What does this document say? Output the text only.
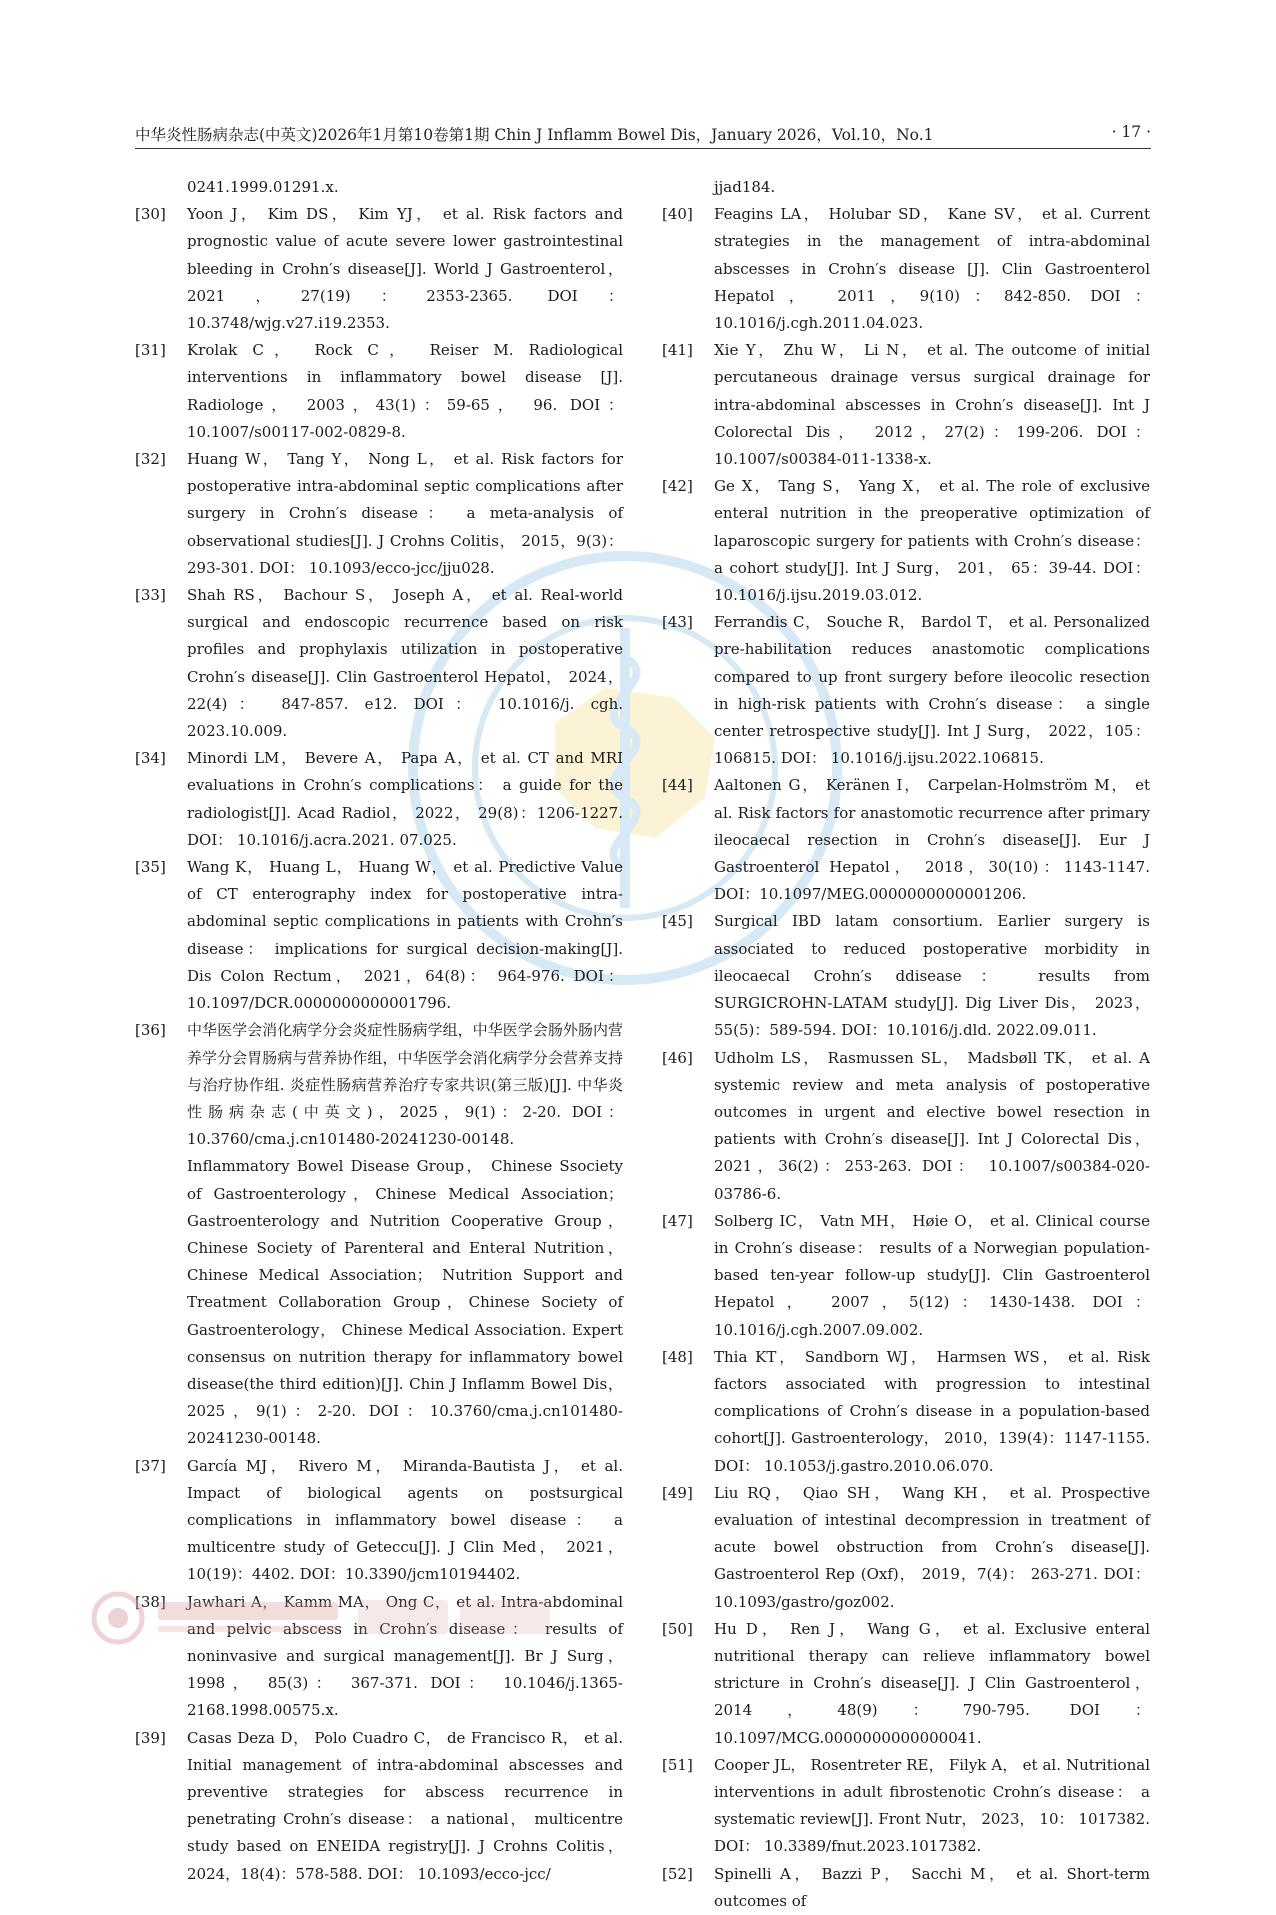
中华炎性肠病杂志(中英文)2026年1月第10卷第1期 Chin J Inflamm Bowel Dis，January 2026，Vol.10，No.1	· 17 ·
0241.1999.01291.x.
[30] Yoon J， Kim DS， Kim YJ， et al. Risk factors and prognostic value of acute severe lower gastrointestinal bleeding in Crohn′s disease[J]. World J Gastroenterol， 2021，27(19)：2353-2365. DOI： 10.3748/wjg.v27.i19.2353.
[31] Krolak C， Rock C， Reiser M. Radiological interventions in inflammatory bowel disease [J]. Radiologe， 2003，43(1)：59-65， 96. DOI： 10.1007/s00117-002-0829-8.
[32] Huang W， Tang Y， Nong L， et al. Risk factors for postoperative intra-abdominal septic complications after surgery in Crohn′s disease： a meta-analysis of observational studies[J]. J Crohns Colitis， 2015，9(3)：293-301. DOI： 10.1093/ecco-jcc/jju028.
[33] Shah RS， Bachour S， Joseph A， et al. Real-world surgical and endoscopic recurrence based on risk profiles and prophylaxis utilization in postoperative Crohn′s disease[J]. Clin Gastroenterol Hepatol， 2024， 22(4)： 847-857. e12. DOI： 10.1016/j. cgh. 2023.10.009.
[34] Minordi LM， Bevere A， Papa A， et al. CT and MRI evaluations in Crohn′s complications： a guide for the radiologist[J]. Acad Radiol， 2022， 29(8)：1206-1227. DOI： 10.1016/j.acra.2021. 07.025.
[35] Wang K， Huang L， Huang W， et al. Predictive Value of CT enterography index for postoperative intra-abdominal septic complications in patients with Crohn′s disease： implications for surgical decision-making[J]. Dis Colon Rectum， 2021，64(8)： 964-976. DOI： 10.1097/DCR.0000000000001796.
[36] 中华医学会消化病学分会炎症性肠病学组，中华医学会肠外肠内营养学分会胃肠病与营养协作组，中华医学会消化病学分会营养支持与治疗协作组. 炎症性肠病营养治疗专家共识(第三版)[J]. 中华炎性肠病杂志(中英文)，2025，9(1)：2-20. DOI：10.3760/cma.j.cn101480-20241230-00148.
Inflammatory Bowel Disease Group， Chinese Ssociety of Gastroenterology，Chinese Medical Association；Gastroenterology and Nutrition Cooperative Group，Chinese Society of Parenteral and Enteral Nutrition， Chinese Medical Association； Nutrition Support and Treatment Collaboration Group，Chinese Society of Gastroenterology， Chinese Medical Association. Expert consensus on nutrition therapy for inflammatory bowel disease(the third edition)[J]. Chin J Inflamm Bowel Dis，2025，9(1)：2-20. DOI：10.3760/cma.j.cn101480-20241230-00148.
[37] García MJ， Rivero M， Miranda-Bautista J， et al. Impact of biological agents on postsurgical complications in inflammatory bowel disease： a multicentre study of Geteccu[J]. J Clin Med， 2021，10(19)：4402. DOI：10.3390/jcm10194402.
[38] Jawhari A， Kamm MA， Ong C， et al. Intra-abdominal and pelvic abscess in Crohn′s disease： results of noninvasive and surgical management[J]. Br J Surg， 1998， 85(3)： 367-371. DOI： 10.1046/j.1365-2168.1998.00575.x.
[39] Casas Deza D， Polo Cuadro C， de Francisco R， et al. Initial management of intra-abdominal abscesses and preventive strategies for abscess recurrence in penetrating Crohn′s disease： a national， multicentre study based on ENEIDA registry[J]. J Crohns Colitis， 2024，18(4)：578-588. DOI： 10.1093/ecco-jcc/
jjad184.
[40] Feagins LA， Holubar SD， Kane SV， et al. Current strategies in the management of intra-abdominal abscesses in Crohn′s disease [J]. Clin Gastroenterol Hepatol， 2011，9(10)：842-850. DOI： 10.1016/j.cgh.2011.04.023.
[41] Xie Y， Zhu W， Li N， et al. The outcome of initial percutaneous drainage versus surgical drainage for intra-abdominal abscesses in Crohn′s disease[J]. Int J Colorectal Dis， 2012，27(2)：199-206. DOI： 10.1007/s00384-011-1338-x.
[42] Ge X， Tang S， Yang X， et al. The role of exclusive enteral nutrition in the preoperative optimization of laparoscopic surgery for patients with Crohn′s disease： a cohort study[J]. Int J Surg， 201， 65：39-44. DOI： 10.1016/j.ijsu.2019.03.012.
[43] Ferrandis C， Souche R， Bardol T， et al. Personalized pre-habilitation reduces anastomotic complications compared to up front surgery before ileocolic resection in high-risk patients with Crohn′s disease： a single center retrospective study[J]. Int J Surg， 2022，105：106815. DOI： 10.1016/j.ijsu.2022.106815.
[44] Aaltonen G， Keränen I， Carpelan-Holmström M， et al. Risk factors for anastomotic recurrence after primary ileocaecal resection in Crohn′s disease[J]. Eur J Gastroenterol Hepatol， 2018，30(10)：1143-1147. DOI：10.1097/MEG.0000000000001206.
[45] Surgical IBD latam consortium. Earlier surgery is associated to reduced postoperative morbidity in ileocaecal Crohn′s ddisease： results from SURGICROHN-LATAM study[J]. Dig Liver Dis， 2023，55(5)：589-594. DOI：10.1016/j.dld. 2022.09.011.
[46] Udholm LS， Rasmussen SL， Madsbøll TK， et al. A systemic review and meta analysis of postoperative outcomes in urgent and elective bowel resection in patients with Crohn′s disease[J]. Int J Colorectal Dis， 2021，36(2)：253-263. DOI： 10.1007/s00384-020-03786-6.
[47] Solberg IC， Vatn MH， Høie O， et al. Clinical course in Crohn′s disease： results of a Norwegian population-based ten-year follow-up study[J]. Clin Gastroenterol Hepatol， 2007，5(12)：1430-1438. DOI： 10.1016/j.cgh.2007.09.002.
[48] Thia KT， Sandborn WJ， Harmsen WS， et al. Risk factors associated with progression to intestinal complications of Crohn′s disease in a population-based cohort[J]. Gastroenterology， 2010，139(4)：1147-1155. DOI： 10.1053/j.gastro.2010.06.070.
[49] Liu RQ， Qiao SH， Wang KH， et al. Prospective evaluation of intestinal decompression in treatment of acute bowel obstruction from Crohn′s disease[J]. Gastroenterol Rep (Oxf)， 2019，7(4)： 263-271. DOI： 10.1093/gastro/goz002.
[50] Hu D， Ren J， Wang G， et al. Exclusive enteral nutritional therapy can relieve inflammatory bowel stricture in Crohn′s disease[J]. J Clin Gastroenterol， 2014，48(9)：790-795. DOI： 10.1097/MCG.0000000000000041.
[51] Cooper JL， Rosentreter RE， Filyk A， et al. Nutritional interventions in adult fibrostenotic Crohn′s disease： a systematic review[J]. Front Nutr， 2023， 10： 1017382. DOI： 10.3389/fnut.2023.1017382.
[52] Spinelli A， Bazzi P， Sacchi M， et al. Short-term outcomes of
